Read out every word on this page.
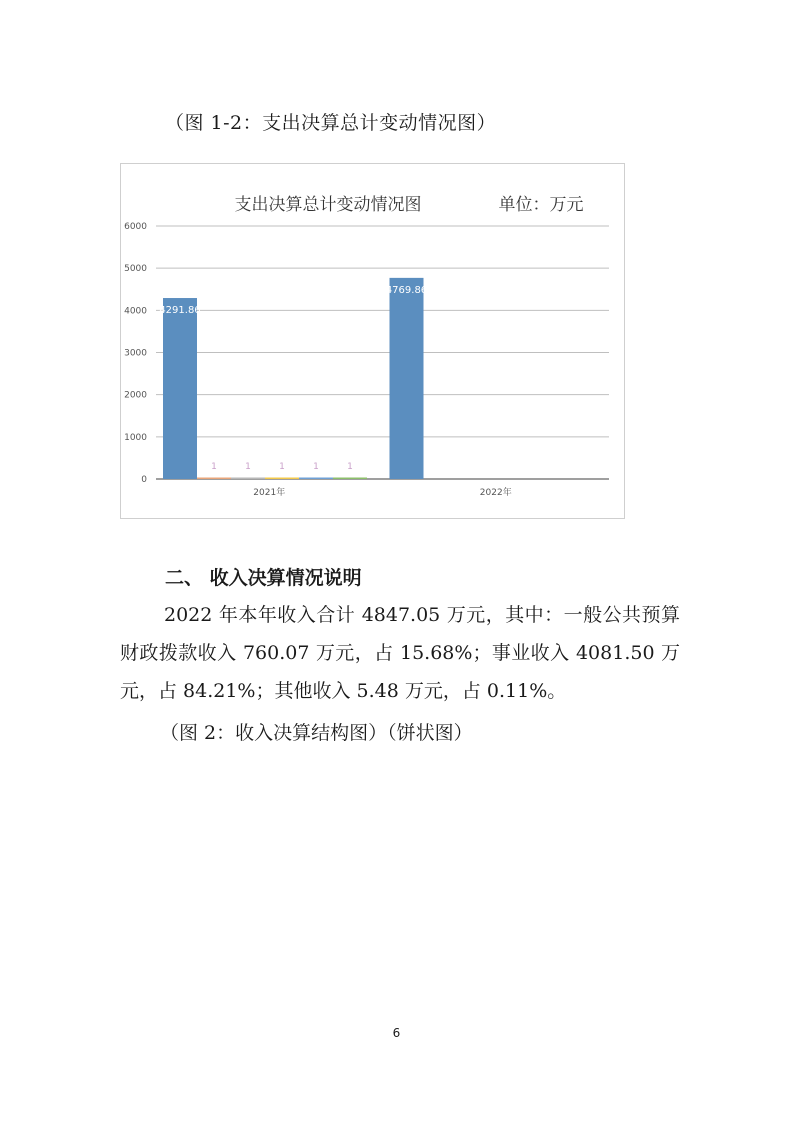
（图 1-2：支出决算总计变动情况图）
支出决算总计变动情况图	单位：万元
0
1000
2000
3000
4000
5000
6000
4291.86
1	1	1	1	1
2021年
4769.86
2022年
二、 收入决算情况说明
2022 年本年收入合计 4847.05 万元，其中：一般公共预算财政拨款收入 760.07 万元，占 15.68%；事业收入 4081.50 万元，占 84.21%；其他收入 5.48 万元，占 0.11%。
（图 2：收入决算结构图）（饼状图）
6
